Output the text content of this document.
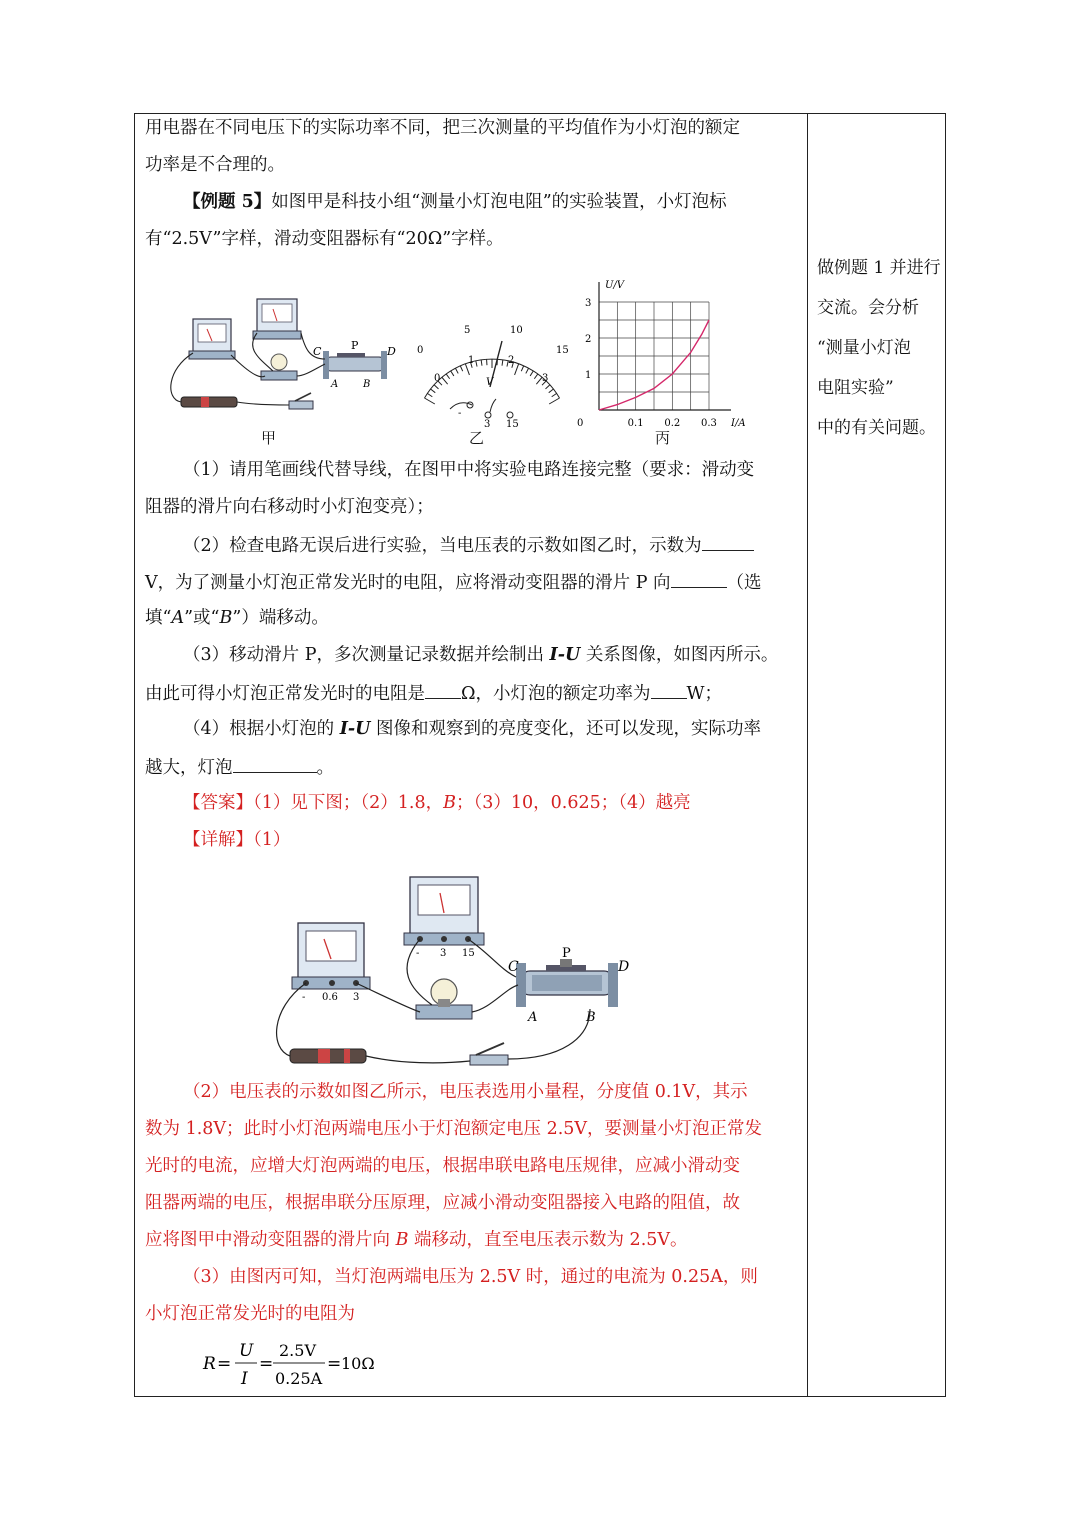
用电器在不同电压下的实际功率不同，把三次测量的平均值作为小灯泡的额定
功率是不合理的。
【例题 5】如图甲是科技小组“测量小灯泡电阻”的实验装置，小灯泡标
有“2.5V”字样，滑动变阻器标有“20Ω”字样。
C	P	D
A B
0
5	10
15
0
1	2
3
V
-
3 15
U/V
I/A
0	0.1 0.2 0.3
1
2
3
甲	乙	丙
（1）请用笔画线代替导线，在图甲中将实验电路连接完整（要求：滑动变
阻器的滑片向右移动时小灯泡变亮）；
（2）检查电路无误后进行实验，当电压表的示数如图乙时，示数为
V，为了测量小灯泡正常发光时的电阻，应将滑动变阻器的滑片 P 向	（选
填“A”或“B”）端移动。
（3）移动滑片 P，多次测量记录数据并绘制出 I-U 关系图像，如图丙所示。
由此可得小灯泡正常发光时的电阻是 Ω，小灯泡的额定功率为 W；
（4）根据小灯泡的 I-U 图像和观察到的亮度变化，还可以发现，实际功率
越大，灯泡	。
【答案】（1）见下图；（2）1.8，B；（3）10，0.625；（4）越亮
【详解】（1）
- 0.6 3
- 3 15
C
P
D
A	B
（2）电压表的示数如图乙所示，电压表选用小量程，分度值 0.1V，其示
数为 1.8V；此时小灯泡两端电压小于灯泡额定电压 2.5V，要测量小灯泡正常发
光时的电流，应增大灯泡两端的电压，根据串联电路电压规律，应减小滑动变
阻器两端的电压，根据串联分压原理，应减小滑动变阻器接入电路的阻值，故
应将图甲中滑动变阻器的滑片向 B 端移动，直至电压表示数为 2.5V。
（3）由图丙可知，当灯泡两端电压为 2.5V 时，通过的电流为 0.25A，则
小灯泡正常发光时的电阻为
R =
U
I
=
2.5V
0.25A
= 10Ω
做例题 1 并进行
交流。会分析
“测量小灯泡
电阻实验”
中的有关问题。
